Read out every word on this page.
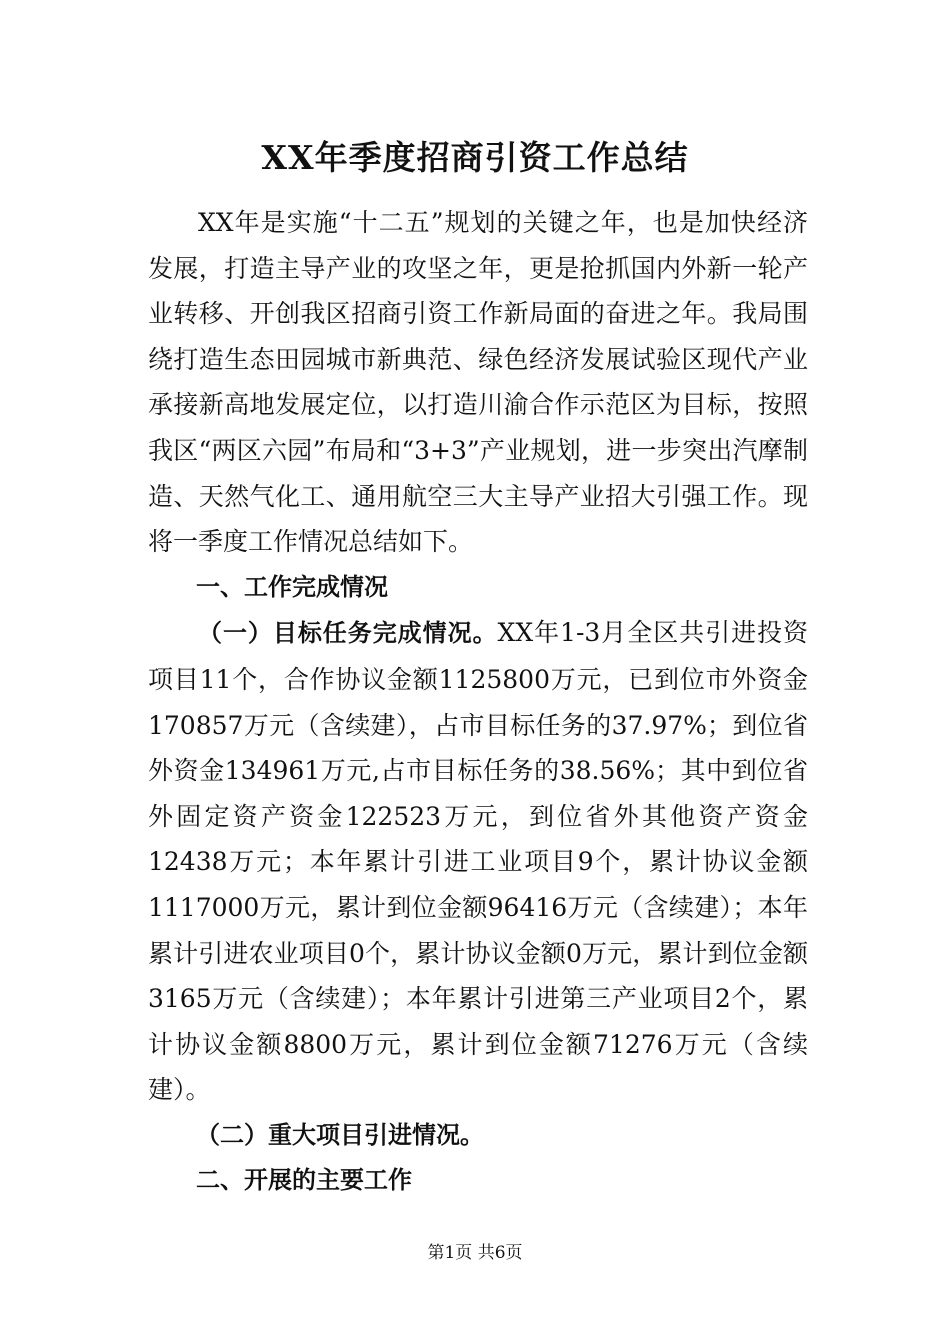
XX年季度招商引资工作总结

XX年是实施“十二五”规划的关键之年，也是加快经济发展，打造主导产业的攻坚之年，更是抢抓国内外新一轮产业转移、开创我区招商引资工作新局面的奋进之年。我局围绕打造生态田园城市新典范、绿色经济发展试验区现代产业承接新高地发展定位，以打造川渝合作示范区为目标，按照我区“两区六园”布局和“3+3”产业规划，进一步突出汽摩制造、天然气化工、通用航空三大主导产业招大引强工作。现将一季度工作情况总结如下。

一、工作完成情况

（一）目标任务完成情况。XX年1-3月全区共引进投资项目11个，合作协议金额1125800万元，已到位市外资金170857万元（含续建），占市目标任务的37.97%；到位省外资金134961万元,占市目标任务的38.56%；其中到位省外固定资产资金122523万元，到位省外其他资产资金12438万元；本年累计引进工业项目9个，累计协议金额1117000万元，累计到位金额96416万元（含续建）；本年累计引进农业项目0个，累计协议金额0万元，累计到位金额3165万元（含续建）；本年累计引进第三产业项目2个，累计协议金额8800万元，累计到位金额71276万元（含续建）。

（二）重大项目引进情况。

二、开展的主要工作

第1页 共6页
